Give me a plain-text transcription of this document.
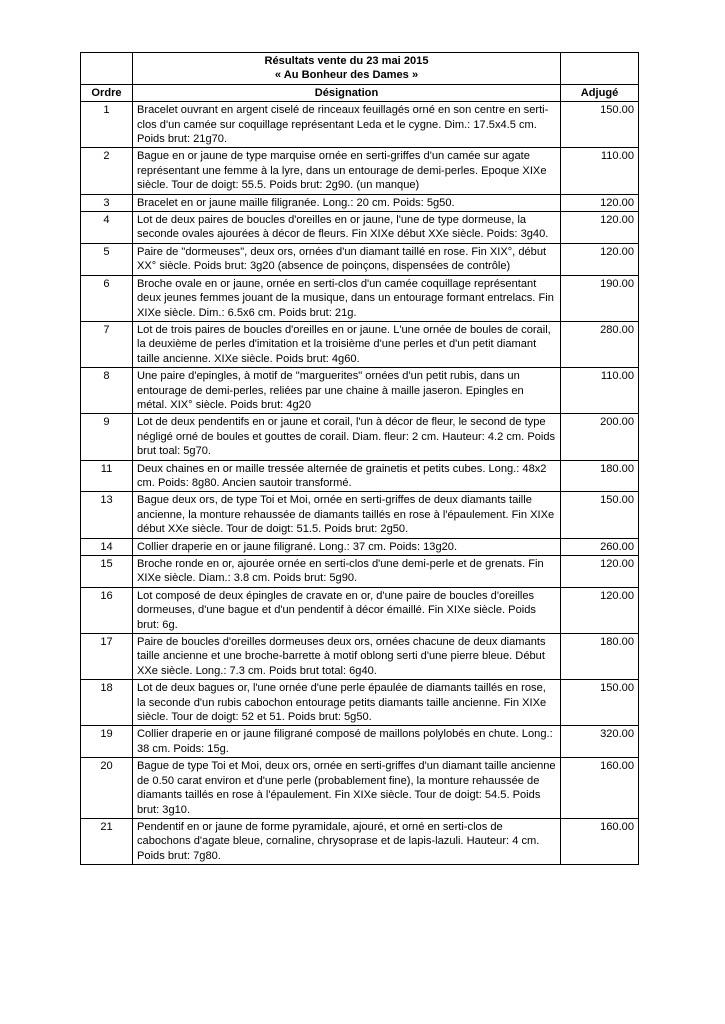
	Résultats vente du 23 mai 2015
« Au Bonheur des Dames »	

Ordre	Désignation	Adjugé
1	Bracelet ouvrant en argent ciselé de rinceaux feuillagés orné en son centre en serti-clos d'un camée sur coquillage représentant Leda et le cygne. Dim.: 17.5x4.5 cm. Poids brut: 21g70.	150.00
2	Bague en or jaune de type marquise ornée en serti-griffes d'un camée sur agate représentant une femme à la lyre, dans un entourage de demi-perles. Epoque XIXe siècle. Tour de doigt: 55.5. Poids brut: 2g90. (un manque)	110.00
3	Bracelet en or jaune maille filigranée. Long.: 20 cm. Poids: 5g50.	120.00
4	Lot de deux paires de boucles d'oreilles en or jaune, l'une de type dormeuse, la seconde ovales ajourées à décor de fleurs. Fin XIXe début XXe siècle. Poids: 3g40.	120.00
5	Paire de "dormeuses", deux ors, ornées d'un diamant taillé en rose. Fin XIX°, début XX° siècle. Poids brut: 3g20 (absence de poinçons, dispensées de contrôle)	120.00
6	Broche ovale en or jaune, ornée en serti-clos d'un camée coquillage représentant deux jeunes femmes jouant de la musique, dans un entourage formant entrelacs. Fin XIXe siècle. Dim.: 6.5x6 cm. Poids brut: 21g.	190.00
7	Lot de trois paires de boucles d'oreilles en or jaune. L'une ornée de boules de corail, la deuxième de perles d'imitation et la troisième d'une perles et d'un petit diamant taille ancienne. XIXe siècle. Poids brut: 4g60.	280.00
8	Une paire d'epingles, à motif de "marguerites" ornées d'un petit rubis, dans un entourage de demi-perles, reliées par une chaine à maille jaseron. Epingles en métal. XIX° siècle. Poids brut: 4g20	110.00
9	Lot de deux pendentifs en or jaune et corail, l'un à décor de fleur, le second de type négligé orné de boules et gouttes de corail. Diam. fleur: 2 cm. Hauteur: 4.2 cm. Poids brut toal: 5g70.	200.00
11	Deux chaines en or maille tressée alternée de grainetis et petits cubes. Long.: 48x2 cm. Poids: 8g80. Ancien sautoir transformé.	180.00
13	Bague deux ors, de type Toi et Moi, ornée en serti-griffes de deux diamants taille ancienne, la monture rehaussée de diamants taillés en rose à l'épaulement. Fin XIXe début XXe siècle. Tour de doigt: 51.5. Poids brut: 2g50.	150.00
14	Collier draperie en or jaune filigrané. Long.: 37 cm. Poids: 13g20.	260.00
15	Broche ronde en or, ajourée ornée en serti-clos d'une demi-perle et de grenats. Fin XIXe siècle. Diam.: 3.8 cm. Poids brut: 5g90.	120.00
16	Lot composé de deux épingles de cravate en or, d'une paire de boucles d'oreilles dormeuses, d'une bague et d'un pendentif à décor émaillé. Fin XIXe siècle. Poids brut: 6g.	120.00
17	Paire de boucles d'oreilles dormeuses deux ors, ornées chacune de deux diamants taille ancienne et une broche-barrette à motif oblong serti d'une pierre bleue. Début XXe siècle. Long.: 7.3 cm. Poids brut total: 6g40.	180.00
18	Lot de deux bagues or, l'une ornée d'une perle épaulée de diamants taillés en rose, la seconde d'un rubis cabochon entourage petits diamants taille ancienne. Fin XIXe siècle. Tour de doigt: 52 et 51. Poids brut: 5g50.	150.00
19	Collier draperie en or jaune filigrané composé de maillons polylobés en chute. Long.: 38 cm. Poids: 15g.	320.00
20	Bague de type Toi et Moi, deux ors, ornée en serti-griffes d'un diamant taille ancienne de 0.50 carat environ et d'une perle (probablement fine), la monture rehaussée de diamants taillés en rose à l'épaulement. Fin XIXe siècle. Tour de doigt: 54.5. Poids brut: 3g10.	160.00
21	Pendentif en or jaune de forme pyramidale, ajouré, et orné en serti-clos de cabochons d'agate bleue, cornaline, chrysoprase et de lapis-lazuli. Hauteur: 4 cm. Poids brut: 7g80.	160.00
